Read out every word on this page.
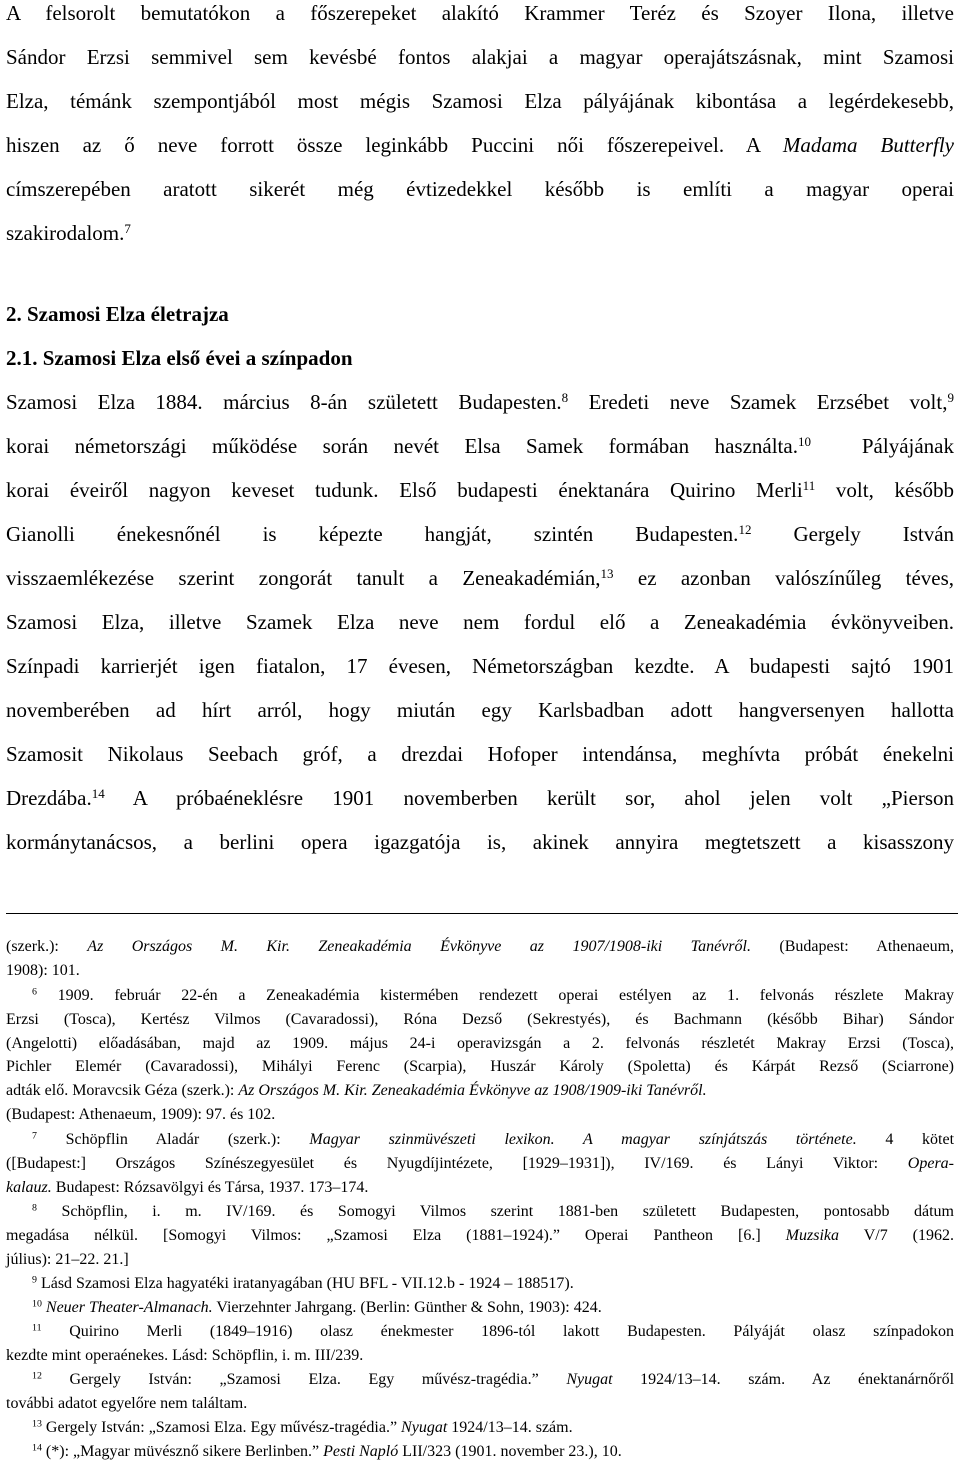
A felsorolt bemutatókon a főszerepeket alakító Krammer Teréz és Szoyer Ilona, illetve
Sándor Erzsi semmivel sem kevésbé fontos alakjai a magyar operajátszásnak, mint Szamosi
Elza, témánk szempontjából most mégis Szamosi Elza pályájának kibontása a legérdekesebb,
hiszen az ő neve forrott össze leginkább Puccini női főszerepeivel. A Madama Butterfly
címszerepében aratott sikerét még évtizedekkel később is említi a magyar operai
szakirodalom.$^7$
2. Szamosi Elza életrajza
2.1. Szamosi Elza első évei a színpadon
Szamosi Elza 1884. március 8-án született Budapesten.$^8$ Eredeti neve Szamek Erzsébet volt,$^9$
korai németországi működése során nevét Elsa Samek formában használta.$^{10}$ Pályájának
korai éveiről nagyon keveset tudunk. Első budapesti énektanára Quirino Merli$^{11}$ volt, később
Gianolli énekesnőnél is képezte hangját, szintén Budapesten.$^{12}$ Gergely István
visszaemlékezése szerint zongorát tanult a Zeneakadémián,$^{13}$ ez azonban valószínűleg téves,
Szamosi Elza, illetve Szamek Elza neve nem fordul elő a Zeneakadémia évkönyveiben.
Színpadi karrierjét igen fiatalon, 17 évesen, Németországban kezdte. A budapesti sajtó 1901
novemberében ad hírt arról, hogy miután egy Karlsbadban adott hangversenyen hallotta
Szamosit Nikolaus Seebach gróf, a drezdai Hofoper intendánsa, meghívta próbát énekelni
Drezdába.$^{14}$ A próbaéneklésre 1901 novemberben került sor, ahol jelen volt „Pierson
kormánytanácsos, a berlini opera igazgatója is, akinek annyira megtetszett a kisasszony
(szerk.): Az Országos M. Kir. Zeneakadémia Évkönyve az 1907/1908-iki Tanévről. (Budapest: Athenaeum,
1908): 101.
$^6$ 1909. február 22-én a Zeneakadémia kistermében rendezett operai estélyen az 1. felvonás részlete Makray
Erzsi (Tosca), Kertész Vilmos (Cavaradossi), Róna Dezső (Sekrestyés), és Bachmann (később Bihar) Sándor
(Angelotti) előadásában, majd az 1909. május 24-i operavizsgán a 2. felvonás részletét Makray Erzsi (Tosca),
Pichler Elemér (Cavaradossi), Mihályi Ferenc (Scarpia), Huszár Károly (Spoletta) és Kárpát Rezső (Sciarrone)
adták elő. Moravcsik Géza (szerk.): Az Országos M. Kir. Zeneakadémia Évkönyve az 1908/1909-iki Tanévről.
(Budapest: Athenaeum, 1909): 97. és 102.
$^7$ Schöpflin Aladár (szerk.): Magyar szinmüvészeti lexikon. A magyar színjátszás története. 4 kötet
([Budapest:] Országos Színészegyesület és Nyugdíjintézete, [1929–1931]), IV/169. és Lányi Viktor: Opera-
kalauz. Budapest: Rózsavölgyi és Társa, 1937. 173–174.
$^8$ Schöpflin, i. m. IV/169. és Somogyi Vilmos szerint 1881-ben született Budapesten, pontosabb dátum
megadása nélkül. [Somogyi Vilmos: „Szamosi Elza (1881–1924).” Operai Pantheon [6.] Muzsika V/7 (1962.
július): 21–22. 21.]
$^9$ Lásd Szamosi Elza hagyatéki iratanyagában (HU BFL - VII.12.b - 1924 – 188517).
$^{10}$ Neuer Theater-Almanach. Vierzehnter Jahrgang. (Berlin: Günther & Sohn, 1903): 424.
$^{11}$ Quirino Merli (1849–1916) olasz énekmester 1896-tól lakott Budapesten. Pályáját olasz színpadokon
kezdte mint operaénekes. Lásd: Schöpflin, i. m. III/239.
$^{12}$ Gergely István: „Szamosi Elza. Egy művész-tragédia.” Nyugat 1924/13–14. szám. Az énektanárnőről
további adatot egyelőre nem találtam.
$^{13}$ Gergely István: „Szamosi Elza. Egy művész-tragédia.” Nyugat 1924/13–14. szám.
$^{14}$ (*): „Magyar müvésznő sikere Berlinben.” Pesti Napló LII/323 (1901. november 23.), 10.
